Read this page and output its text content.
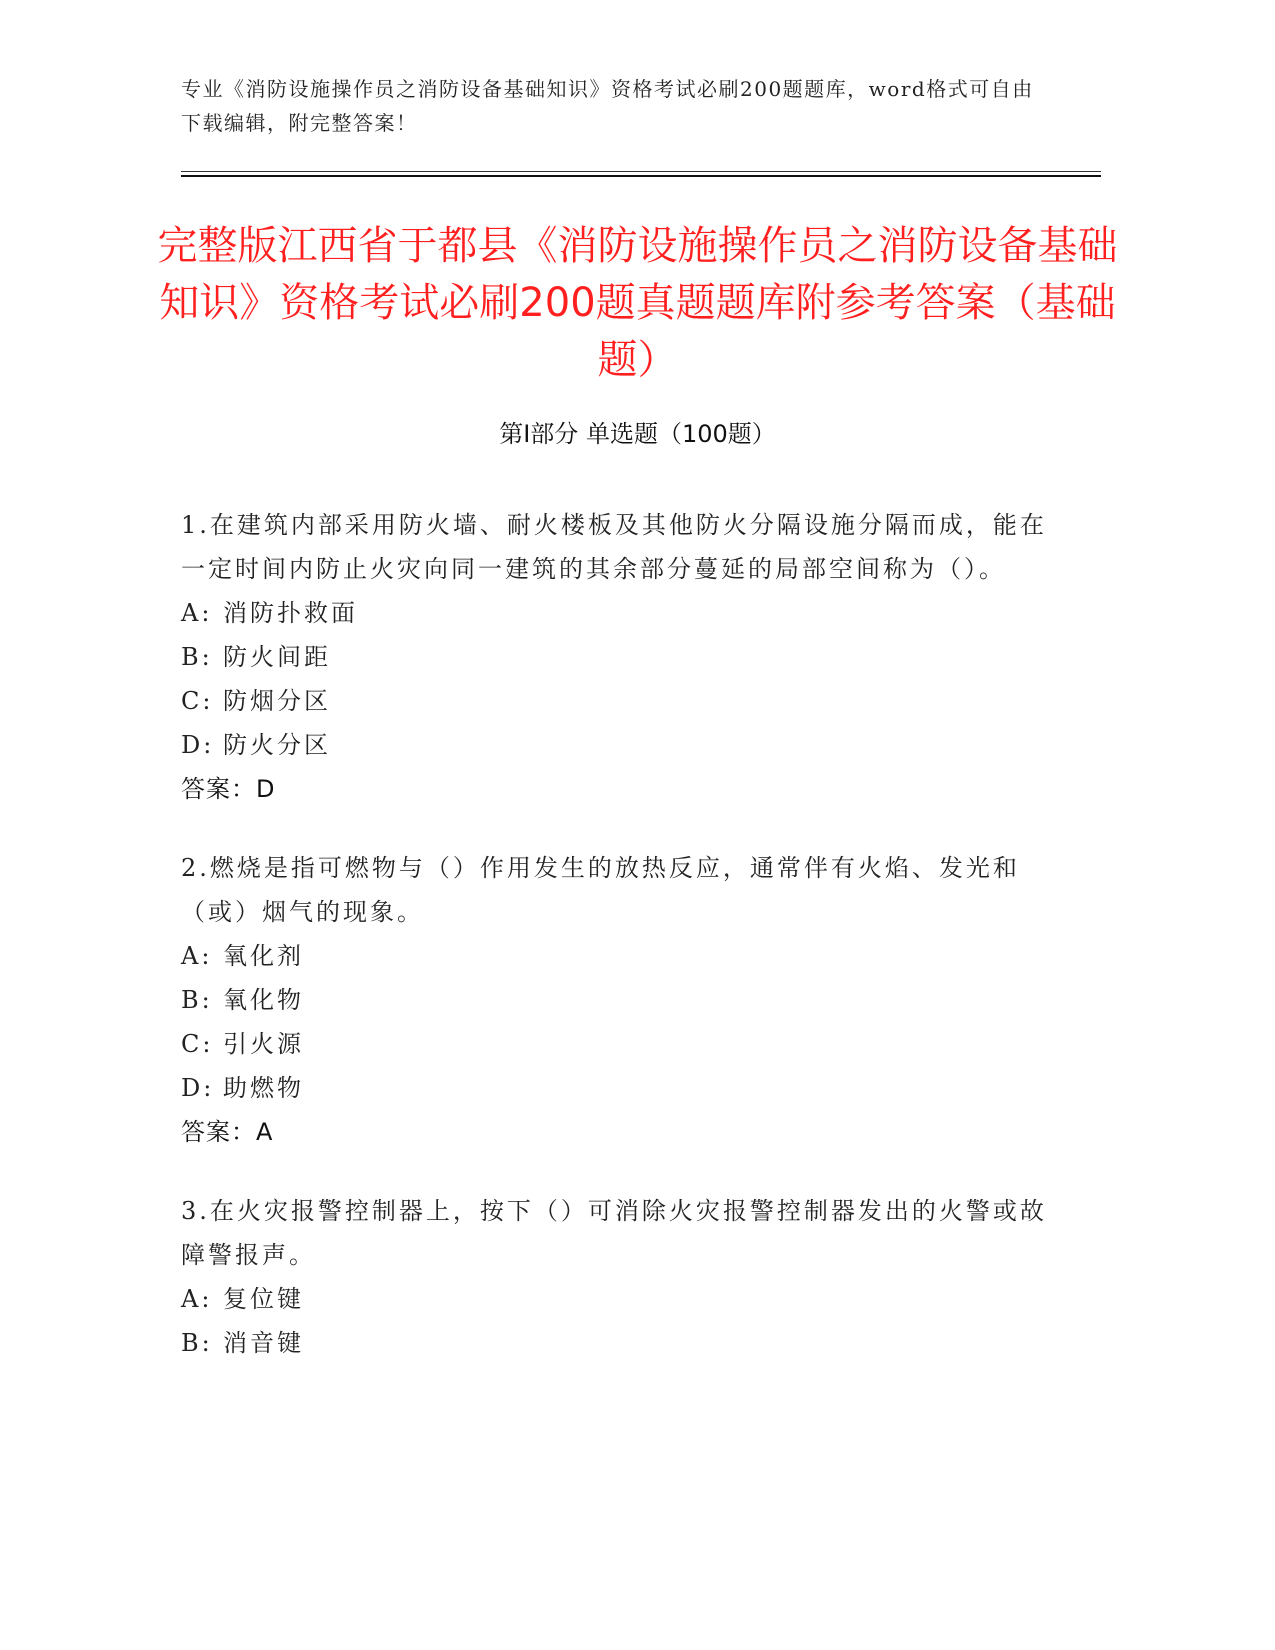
专业《消防设施操作员之消防设备基础知识》资格考试必刷200题题库，word格式可自由下载编辑，附完整答案！
完整版江西省于都县《消防设施操作员之消防设备基础知识》资格考试必刷200题真题题库附参考答案（基础题）
第Ⅰ部分 单选题（100题）

1.在建筑内部采用防火墙、耐火楼板及其他防火分隔设施分隔而成，能在一定时间内防止火灾向同一建筑的其余部分蔓延的局部空间称为（）。

A: 消防扑救面

B: 防火间距

C: 防烟分区

D: 防火分区

答案：D

2.燃烧是指可燃物与（）作用发生的放热反应，通常伴有火焰、发光和（或）烟气的现象。

A: 氧化剂

B: 氧化物

C: 引火源

D: 助燃物

答案：A

3.在火灾报警控制器上，按下（）可消除火灾报警控制器发出的火警或故障警报声。

A: 复位键

B: 消音键
